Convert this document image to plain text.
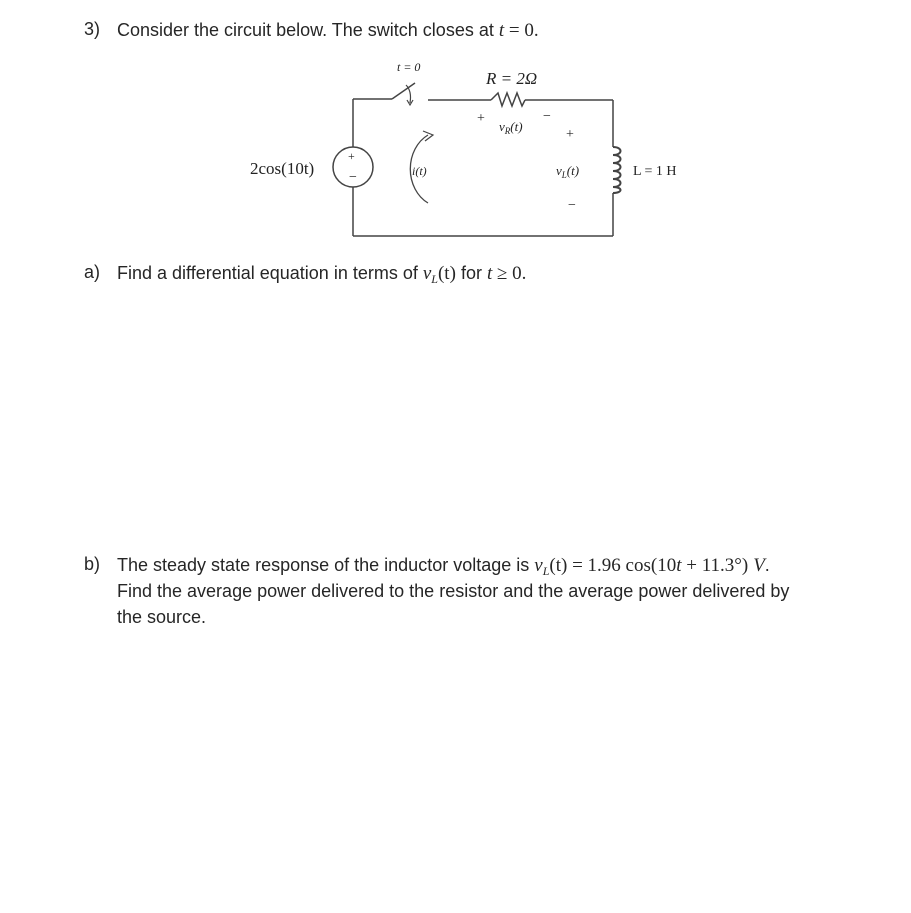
3) Consider the circuit below. The switch closes at t = 0.
+
−
t = 0
R = 2Ω
+	−
$v_R(t)$
+
−
$v_L(t)$
i(t)	L = 1 H
2cos(10t)
a) Find a differential equation in terms of $v_L(t)$ for t ≥ 0.
b) The steady state response of the inductor voltage is $v_L(t) = 1.96$ cos(10t + 11.3°) V.
Find the average power delivered to the resistor and the average power delivered by
the source.
